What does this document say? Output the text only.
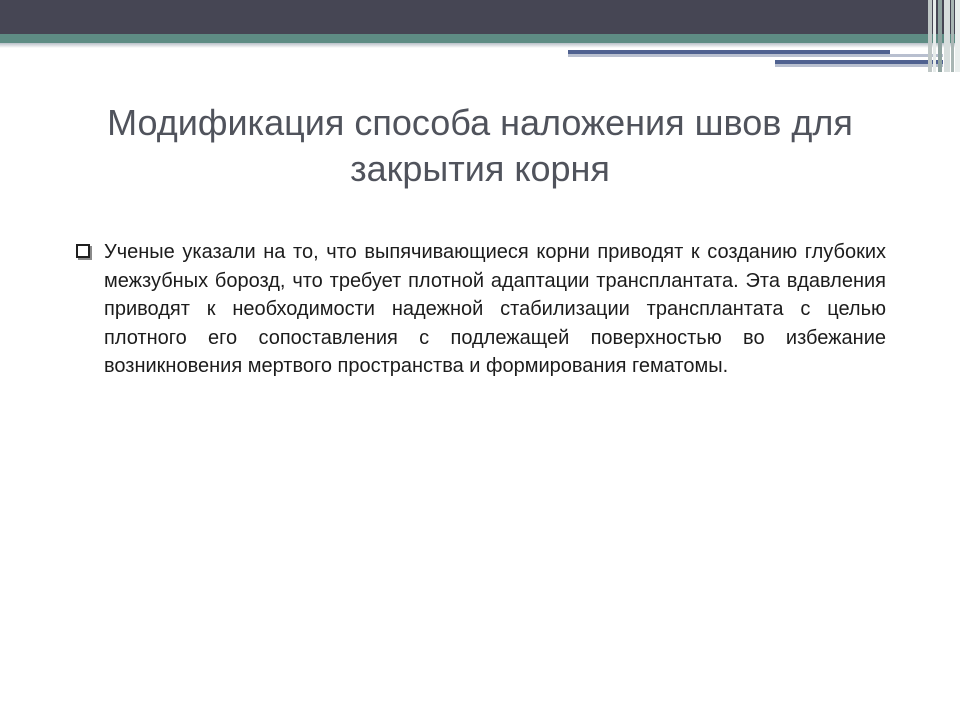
Модификация способа наложения швов для закрытия корня

Ученые указали на то, что выпячивающиеся корни приводят к созданию глубоких межзубных борозд, что требует плотной адаптации трансплантата. Эта вдавления приводят к необходимости надежной стабилизации трансплантата с целью плотного его сопоставления с подлежащей поверхностью во избежание возникновения мертвого пространства и формирования гематомы.
